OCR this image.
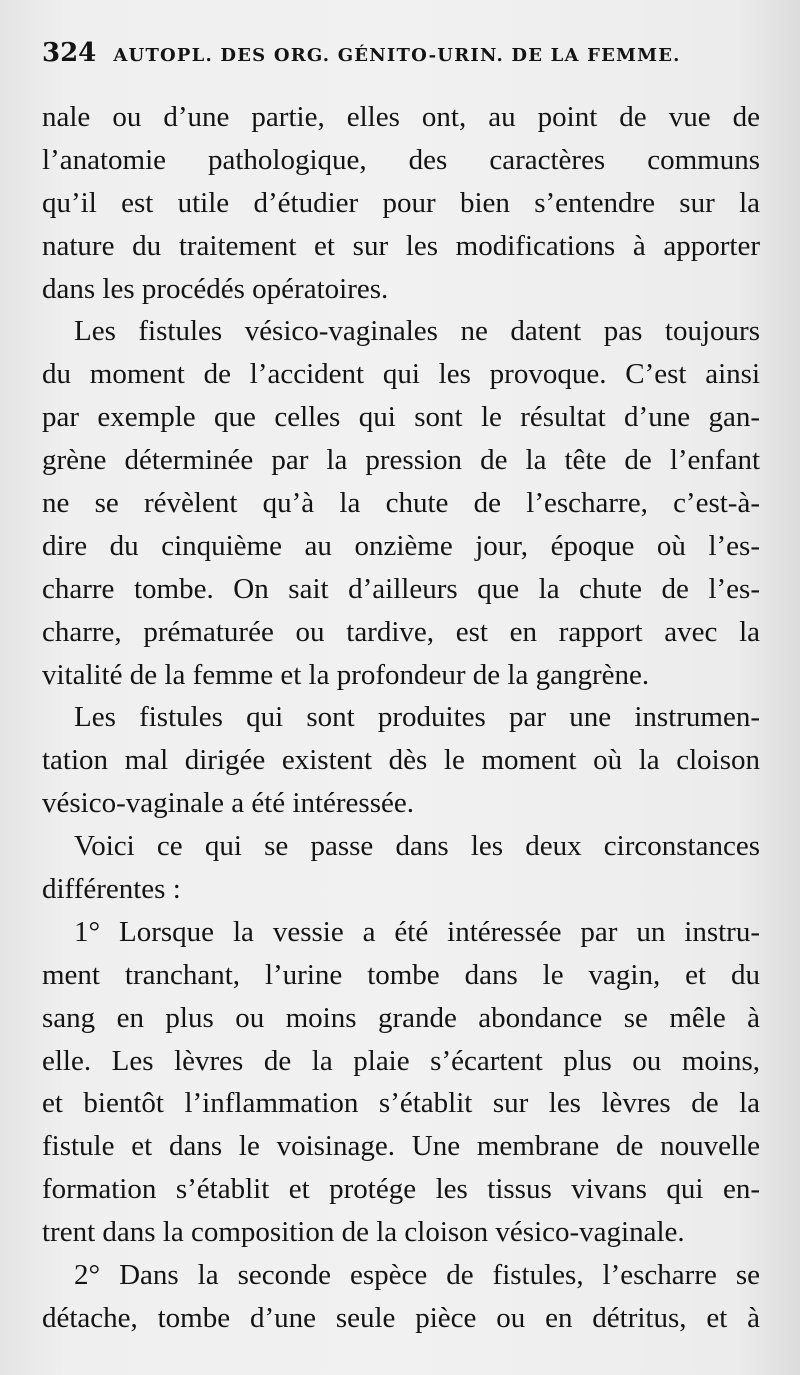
324 AUTOPL. DES ORG. GÉNITO-URIN. DE LA FEMME.
nale ou d’une partie, elles ont, au point de vue de
l’anatomie pathologique, des caractères communs
qu’il est utile d’étudier pour bien s’entendre sur la
nature du traitement et sur les modifications à apporter
dans les procédés opératoires.
Les fistules vésico-vaginales ne datent pas toujours
du moment de l’accident qui les provoque. C’est ainsi
par exemple que celles qui sont le résultat d’une gan-
grène déterminée par la pression de la tête de l’enfant
ne se révèlent qu’à la chute de l’escharre, c’est-à-
dire du cinquième au onzième jour, époque où l’es-
charre tombe. On sait d’ailleurs que la chute de l’es-
charre, prématurée ou tardive, est en rapport avec la
vitalité de la femme et la profondeur de la gangrène.
Les fistules qui sont produites par une instrumen-
tation mal dirigée existent dès le moment où la cloison
vésico-vaginale a été intéressée.
Voici ce qui se passe dans les deux circonstances
différentes :
1° Lorsque la vessie a été intéressée par un instru-
ment tranchant, l’urine tombe dans le vagin, et du
sang en plus ou moins grande abondance se mêle à
elle. Les lèvres de la plaie s’écartent plus ou moins,
et bientôt l’inflammation s’établit sur les lèvres de la
fistule et dans le voisinage. Une membrane de nouvelle
formation s’établit et protége les tissus vivans qui en-
trent dans la composition de la cloison vésico-vaginale.
2° Dans la seconde espèce de fistules, l’escharre se
détache, tombe d’une seule pièce ou en détritus, et à
